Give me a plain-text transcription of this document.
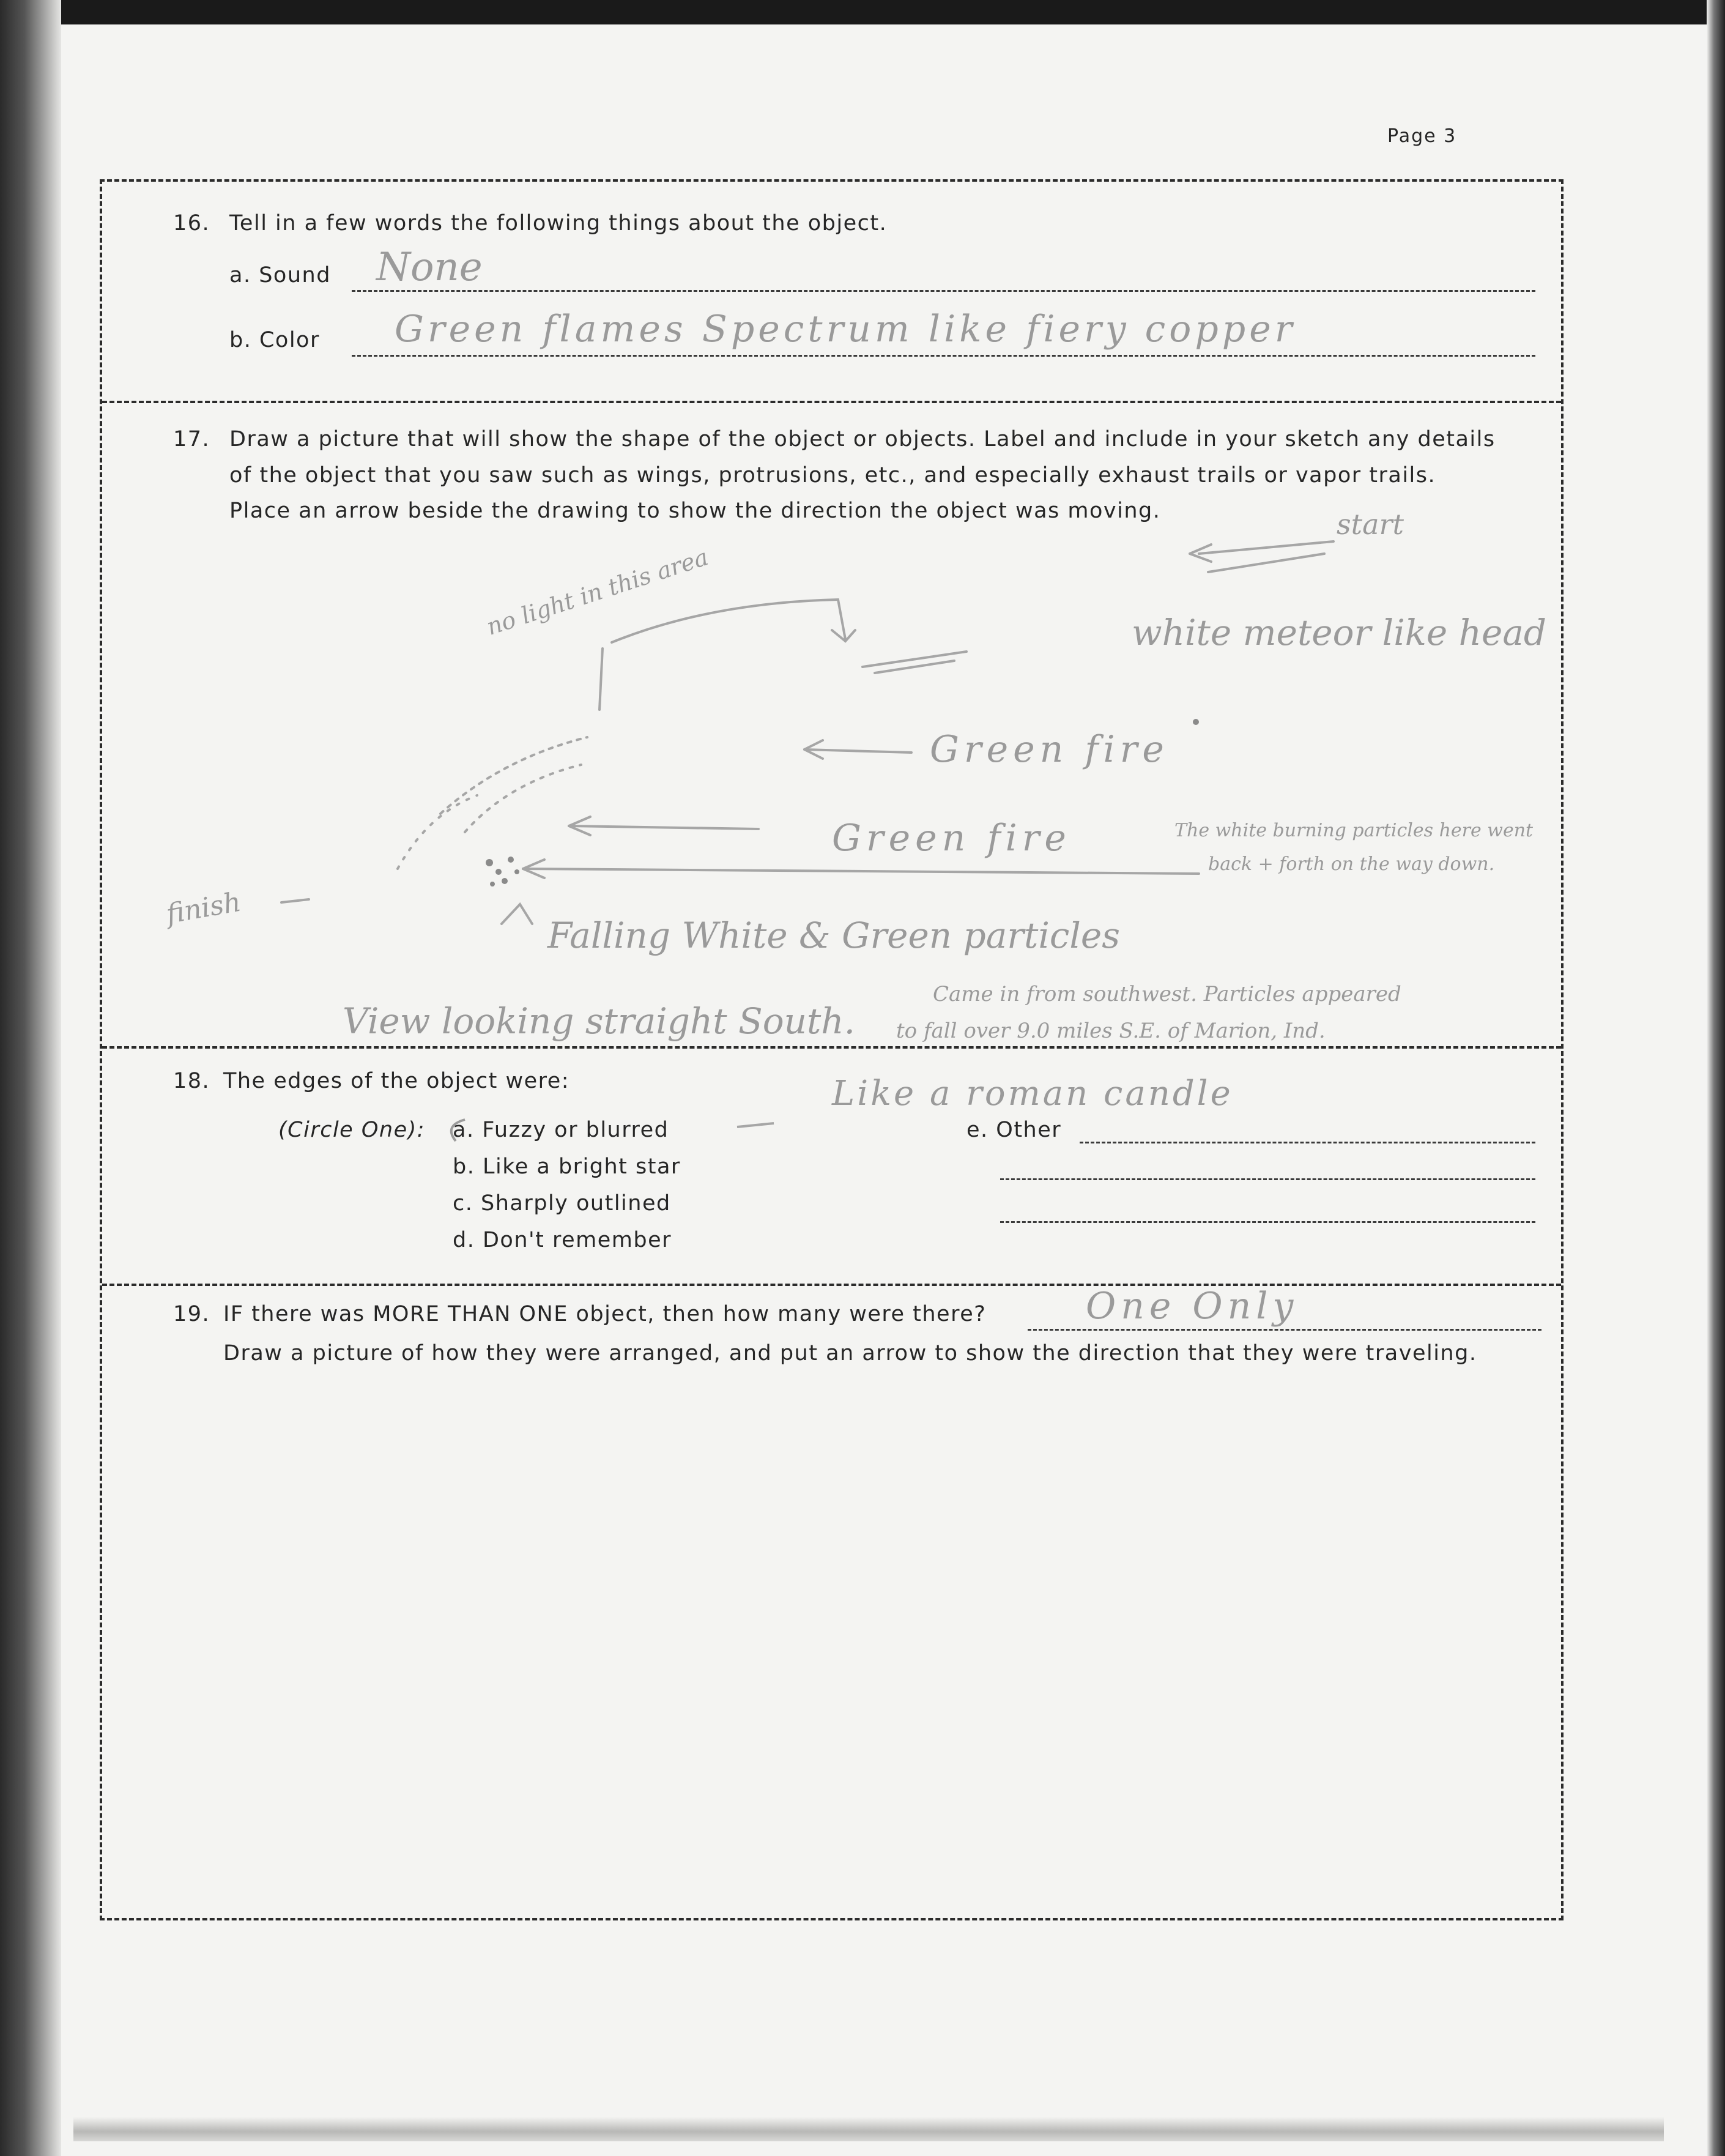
Page 3
16. Tell in a few words the following things about the object.
a. Sound None
b. Color Green flames Spectrum like fiery copper
17. Draw a picture that will show the shape of the object or objects. Label and include in your sketch any details
of the object that you saw such as wings, protrusions, etc., and especially exhaust trails or vapor trails.
Place an arrow beside the drawing to show the direction the object was moving.	start
no light in this area	white meteor like head
Green fire
Green fire	The white burning particles here went
back + forth on the way down.
finish
Falling White & Green particles
View looking straight South.
Came in from southwest. Particles appeared
to fall over 9.0 miles S.E. of Marion, Ind.
18. The edges of the object were:
(Circle One): a. Fuzzy or blurred
b. Like a bright star
c. Sharply outlined
d. Don't remember
e. Other
Like a roman candle
19. IF there was MORE THAN ONE object, then how many were there?	One Only
Draw a picture of how they were arranged, and put an arrow to show the direction that they were traveling.
